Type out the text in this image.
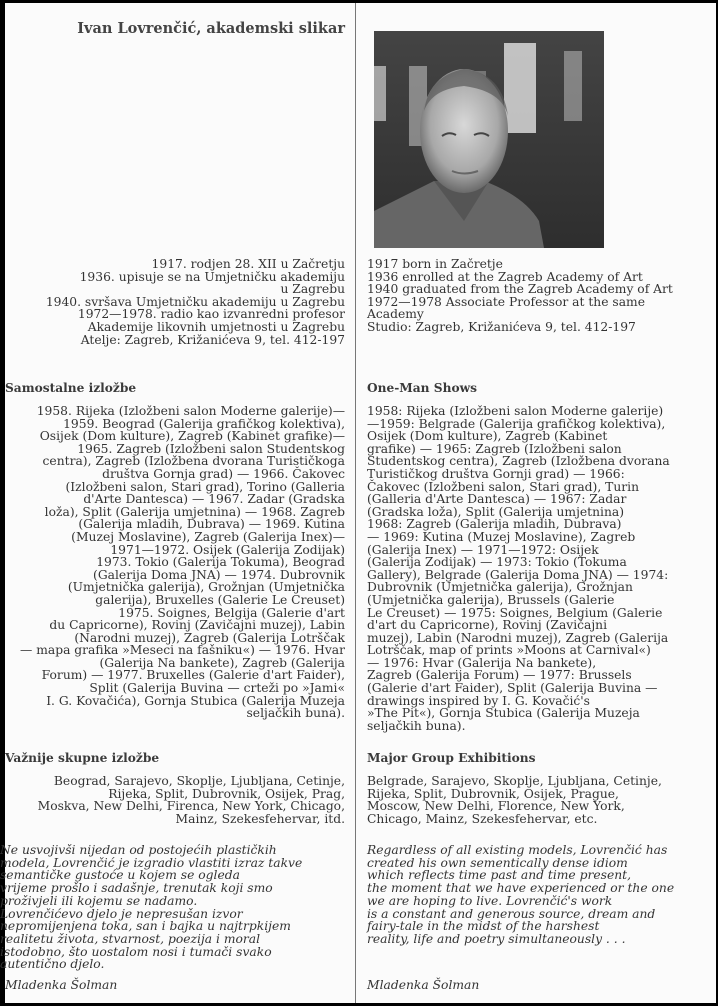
Ivan Lovrenčić, akademski slikar
1917. rodjen 28. XII u Začretju
1936. upisuje se na Umjetničku akademiju
u Zagrebu
1940. svršava Umjetničku akademiju u Zagrebu
1972—1978. radio kao izvanredni profesor
Akademije likovnih umjetnosti u Zagrebu
Atelje: Zagreb, Križanićeva 9, tel. 412-197
Samostalne izložbe
1958. Rijeka (Izložbeni salon Moderne galerije)—
1959. Beograd (Galerija grafičkog kolektiva),
Osijek (Dom kulture), Zagreb (Kabinet grafike)—
1965. Zagreb (Izložbeni salon Studentskog
centra), Zagreb (Izložbena dvorana Turističkoga
društva Gornja grad) — 1966. Čakovec
(Izložbeni salon, Stari grad), Torino (Galleria
d'Arte Dantesca) — 1967. Zadar (Gradska
loža), Split (Galerija umjetnina) — 1968. Zagreb
(Galerija mladih, Dubrava) — 1969. Kutina
(Muzej Moslavine), Zagreb (Galerija Inex)—
1971—1972. Osijek (Galerija Zodijak)
1973. Tokio (Galerija Tokuma), Beograd
(Galerija Doma JNA) — 1974. Dubrovnik
(Umjetnička galerija), Grožnjan (Umjetnička
galerija), Bruxelles (Galerie Le Creuset)
1975. Soignes, Belgija (Galerie d'art
du Capricorne), Rovinj (Zavičajni muzej), Labin
(Narodni muzej), Zagreb (Galerija Lotrščak
— mapa grafika »Meseci na fašniku«) — 1976. Hvar
(Galerija Na bankete), Zagreb (Galerija
Forum) — 1977. Bruxelles (Galerie d'art Faider),
Split (Galerija Buvina — crteži po »Jami«
I. G. Kovačića), Gornja Stubica (Galerija Muzeja
seljačkih buna).
Važnije skupne izložbe
Beograd, Sarajevo, Skoplje, Ljubljana, Cetinje,
Rijeka, Split, Dubrovnik, Osijek, Prag,
Moskva, New Delhi, Firenca, New York, Chicago,
Mainz, Szekesfehervar, itd.
Ne usvojivši nijedan od postojećih plastičkih
modela, Lovrenčić je izgradio vlastiti izraz takve
semantičke gustoće u kojem se ogleda
vrijeme prošlo i sadašnje, trenutak koji smo
proživjeli ili kojemu se nadamo.
Lovrenčićevo djelo je nepresušan izvor
nepromijenjena toka, san i bajka u najtrpkijem
realitetu života, stvarnost, poezija i moral
istodobno, što uostalom nosi i tumači svako
autentično djelo.
Mladenka Šolman
1917 born in Začretje
1936 enrolled at the Zagreb Academy of Art
1940 graduated from the Zagreb Academy of Art
1972—1978 Associate Professor at the same
Academy
Studio: Zagreb, Križanićeva 9, tel. 412-197
One-Man Shows
1958: Rijeka (Izložbeni salon Moderne galerije)
—1959: Belgrade (Galerija grafičkog kolektiva),
Osijek (Dom kulture), Zagreb (Kabinet
grafike) — 1965: Zagreb (Izložbeni salon
Studentskog centra), Zagreb (Izložbena dvorana
Turističkog društva Gornji grad) — 1966:
Čakovec (Izložbeni salon, Stari grad), Turin
(Galleria d'Arte Dantesca) — 1967: Zadar
(Gradska loža), Split (Galerija umjetnina)
1968: Zagreb (Galerija mladih, Dubrava)
— 1969: Kutina (Muzej Moslavine), Zagreb
(Galerija Inex) — 1971—1972: Osijek
(Galerija Zodijak) — 1973: Tokio (Tokuma
Gallery), Belgrade (Galerija Doma JNA) — 1974:
Dubrovnik (Umjetnička galerija), Grožnjan
(Umjetnička galerija), Brussels (Galerie
Le Creuset) — 1975: Soignes, Belgium (Galerie
d'art du Capricorne), Rovinj (Zavičajni
muzej), Labin (Narodni muzej), Zagreb (Galerija
Lotrščak, map of prints »Moons at Carnival«)
— 1976: Hvar (Galerija Na bankete),
Zagreb (Galerija Forum) — 1977: Brussels
(Galerie d'art Faider), Split (Galerija Buvina —
drawings inspired by I. G. Kovačić's
»The Pit«), Gornja Stubica (Galerija Muzeja
seljačkih buna).
Major Group Exhibitions
Belgrade, Sarajevo, Skoplje, Ljubljana, Cetinje,
Rijeka, Split, Dubrovnik, Osijek, Prague,
Moscow, New Delhi, Florence, New York,
Chicago, Mainz, Szekesfehervar, etc.
Regardless of all existing models, Lovrenčić has
created his own sementically dense idiom
which reflects time past and time present,
the moment that we have experienced or the one
we are hoping to live. Lovrenčić's work
is a constant and generous source, dream and
fairy-tale in the midst of the harshest
reality, life and poetry simultaneously . . .
Mladenka Šolman
